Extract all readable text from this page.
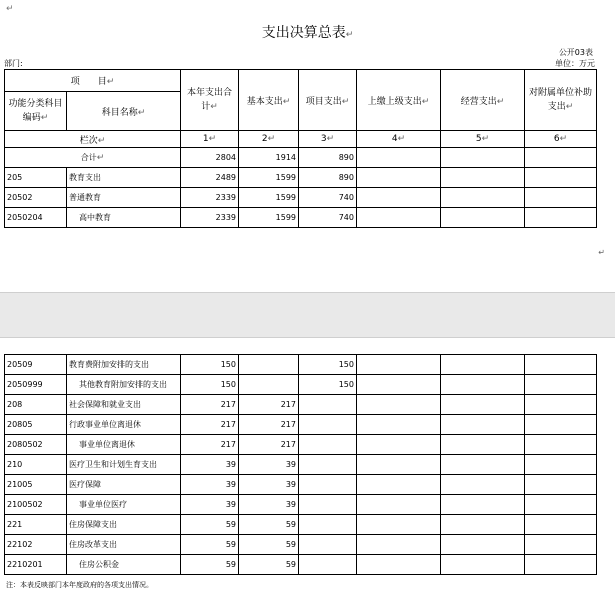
↵
支出决算总表↵
公开03表
部门:	单位：万元
项　　目↵		本年支出合计↵	基本支出↵	项目支出↵	上缴上级支出↵	经营支出↵	对附属单位补助支出↵
功能分类科目编码↵	科目名称↵						

栏次↵		1↵	2↵	3↵	4↵	5↵	6↵
合计↵		2804	1914	890			
205	教育支出	2489	1599	890			
20502	普通教育	2339	1599	740			
2050204	高中教育	2339	1599	740			
↵
20509	教育费附加安排的支出	150		150			
2050999	其他教育附加安排的支出	150		150			
208	社会保障和就业支出	217	217				
20805	行政事业单位离退休	217	217				
2080502	事业单位离退休	217	217				
210	医疗卫生和计划生育支出	39	39				
21005	医疗保障	39	39				
2100502	事业单位医疗	39	39				
221	住房保障支出	59	59				
22102	住房改革支出	59	59				
2210201	住房公积金	59	59				
注：本表反映部门本年度政府的各项支出情况。
